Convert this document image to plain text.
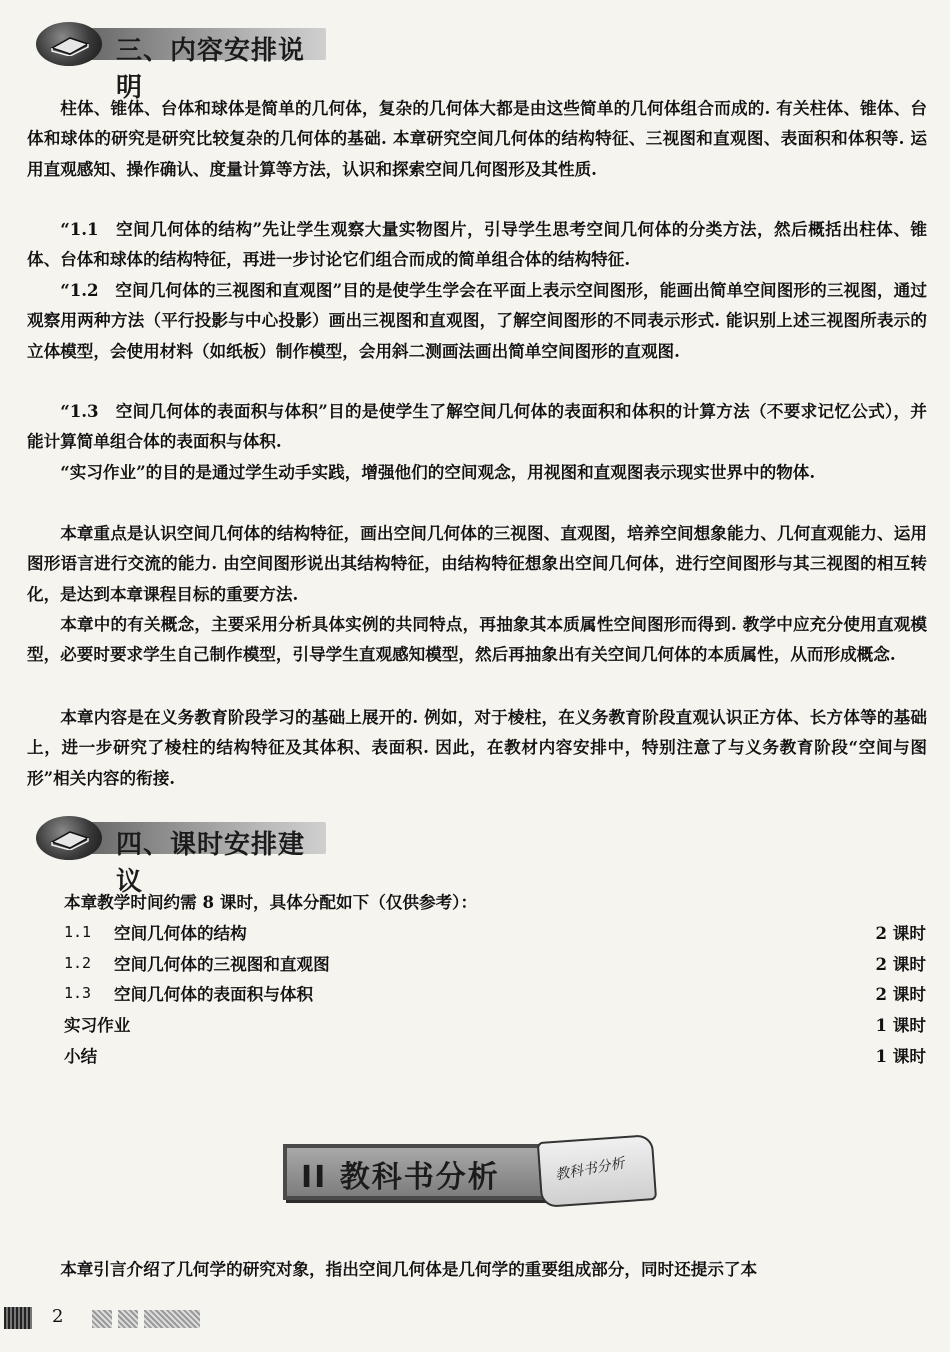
三、内容安排说明

柱体、锥体、台体和球体是简单的几何体，复杂的几何体大都是由这些简单的几何体组合而成的. 有关柱体、锥体、台体和球体的研究是研究比较复杂的几何体的基础. 本章研究空间几何体的结构特征、三视图和直观图、表面积和体积等. 运用直观感知、操作确认、度量计算等方法，认识和探索空间几何图形及其性质.

“1.1　空间几何体的结构”先让学生观察大量实物图片，引导学生思考空间几何体的分类方法，然后概括出柱体、锥体、台体和球体的结构特征，再进一步讨论它们组合而成的简单组合体的结构特征.

“1.2　空间几何体的三视图和直观图”目的是使学生学会在平面上表示空间图形，能画出简单空间图形的三视图，通过观察用两种方法（平行投影与中心投影）画出三视图和直观图，了解空间图形的不同表示形式. 能识别上述三视图所表示的立体模型，会使用材料（如纸板）制作模型，会用斜二测画法画出简单空间图形的直观图.

“1.3　空间几何体的表面积与体积”目的是使学生了解空间几何体的表面积和体积的计算方法（不要求记忆公式），并能计算简单组合体的表面积与体积.

“实习作业”的目的是通过学生动手实践，增强他们的空间观念，用视图和直观图表示现实世界中的物体.

本章重点是认识空间几何体的结构特征，画出空间几何体的三视图、直观图，培养空间想象能力、几何直观能力、运用图形语言进行交流的能力. 由空间图形说出其结构特征，由结构特征想象出空间几何体，进行空间图形与其三视图的相互转化，是达到本章课程目标的重要方法.

本章中的有关概念，主要采用分析具体实例的共同特点，再抽象其本质属性空间图形而得到. 教学中应充分使用直观模型，必要时要求学生自己制作模型，引导学生直观感知模型，然后再抽象出有关空间几何体的本质属性，从而形成概念.

本章内容是在义务教育阶段学习的基础上展开的. 例如，对于棱柱，在义务教育阶段直观认识正方体、长方体等的基础上，进一步研究了棱柱的结构特征及其体积、表面积. 因此，在教材内容安排中，特别注意了与义务教育阶段“空间与图形”相关内容的衔接.

四、课时安排建议

本章教学时间约需 8 课时，具体分配如下（仅供参考）：

1.1	空间几何体的结构	2 课时
1.2	空间几何体的三视图和直观图	2 课时
1.3	空间几何体的表面积与体积	2 课时
实习作业	1 课时
小结	1 课时
II 教科书分析	教科书分析

本章引言介绍了几何学的研究对象，指出空间几何体是几何学的重要组成部分，同时还提示了本

2
